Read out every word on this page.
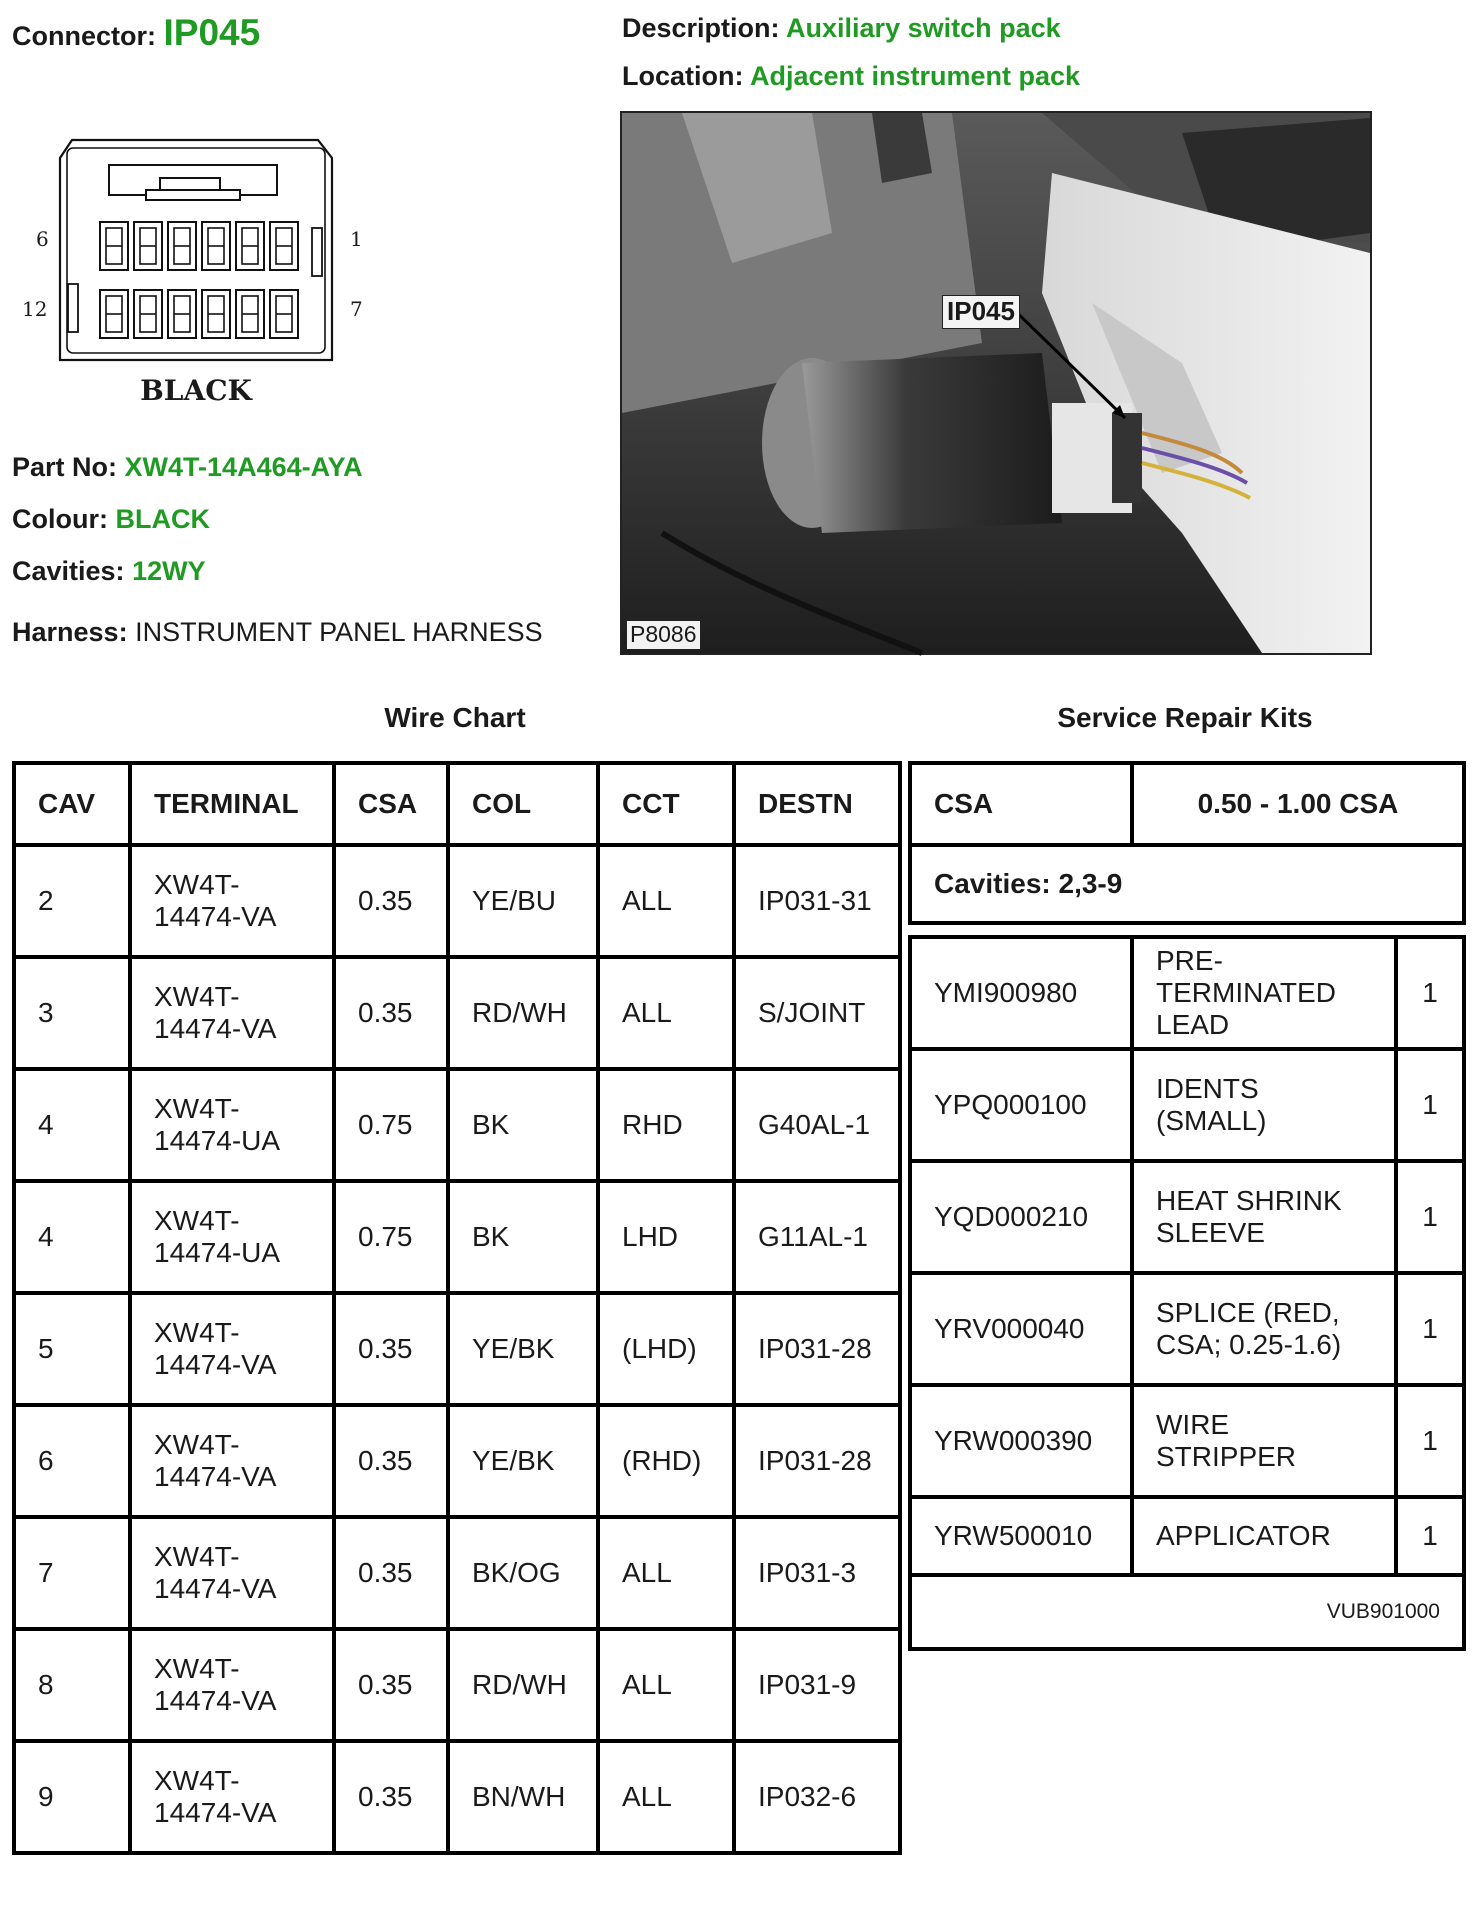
Connector: IP045	Description: Auxiliary switch pack
Location: Adjacent instrument pack
6	1
12	7
BLACK
Part No: XW4T-14A464-AYA
Colour: BLACK
Cavities: 12WY
Harness: INSTRUMENT PANEL HARNESS
IP045
P8086
Wire Chart	Service Repair Kits
CAV	TERMINAL	CSA	COL	CCT	DESTN
2	XW4T-14474-VA	0.35	YE/BU	ALL	IP031-31
3	XW4T-14474-VA	0.35	RD/WH	ALL	S/JOINT
4	XW4T-14474-UA	0.75	BK	RHD	G40AL-1
4	XW4T-14474-UA	0.75	BK	LHD	G11AL-1
5	XW4T-14474-VA	0.35	YE/BK	(LHD)	IP031-28
6	XW4T-14474-VA	0.35	YE/BK	(RHD)	IP031-28
7	XW4T-14474-VA	0.35	BK/OG	ALL	IP031-3
8	XW4T-14474-VA	0.35	RD/WH	ALL	IP031-9
9	XW4T-14474-VA	0.35	BN/WH	ALL	IP032-6
CSA	0.50 - 1.00 CSA
Cavities: 2,3-9
YMI900980	PRE-TERMINATED LEAD	1
YPQ000100	IDENTS (SMALL)	1
YQD000210	HEAT SHRINK SLEEVE	1
YRV000040	SPLICE (RED, CSA; 0.25-1.6)	1
YRW000390	WIRE STRIPPER	1
YRW500010	APPLICATOR	1
VUB901000		
